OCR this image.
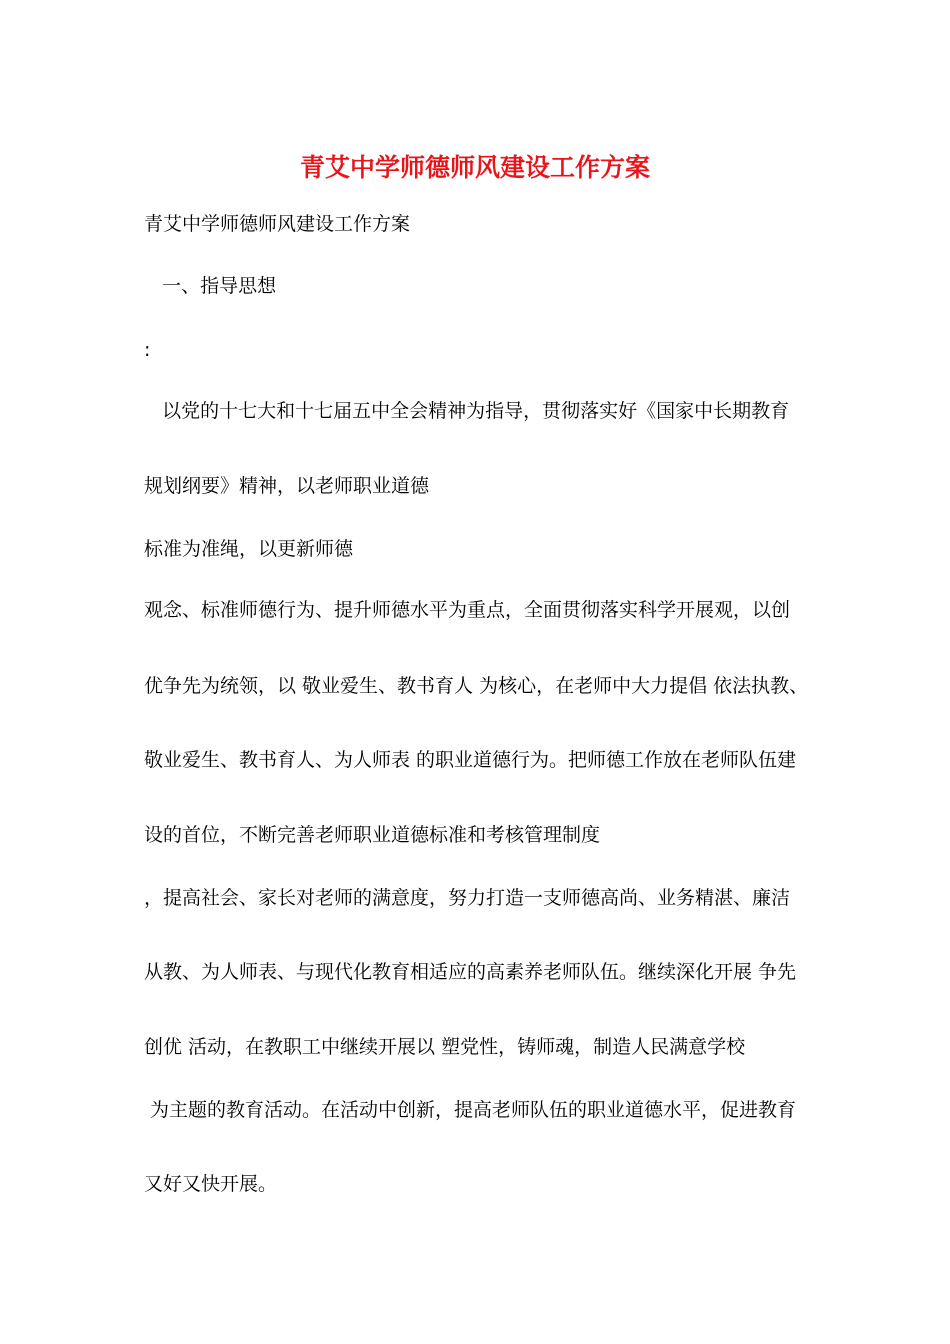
青艾中学师德师风建设工作方案
青艾中学师德师风建设工作方案
一、指导思想
:
以党的十七大和十七届五中全会精神为指导，贯彻落实好《国家中长期教育
规划纲要》精神，以老师职业道德
标准为准绳，以更新师德
观念、标准师德行为、提升师德水平为重点，全面贯彻落实科学开展观，以创
优争先为统领，以 敬业爱生、教书育人 为核心，在老师中大力提倡 依法执教、
敬业爱生、教书育人、为人师表 的职业道德行为。把师德工作放在老师队伍建
设的首位，不断完善老师职业道德标准和考核管理制度
，提高社会、家长对老师的满意度，努力打造一支师德高尚、业务精湛、廉洁
从教、为人师表、与现代化教育相适应的高素养老师队伍。继续深化开展 争先
创优 活动，在教职工中继续开展以 塑党性，铸师魂，制造人民满意学校
为主题的教育活动。在活动中创新，提高老师队伍的职业道德水平，促进教育
又好又快开展。
